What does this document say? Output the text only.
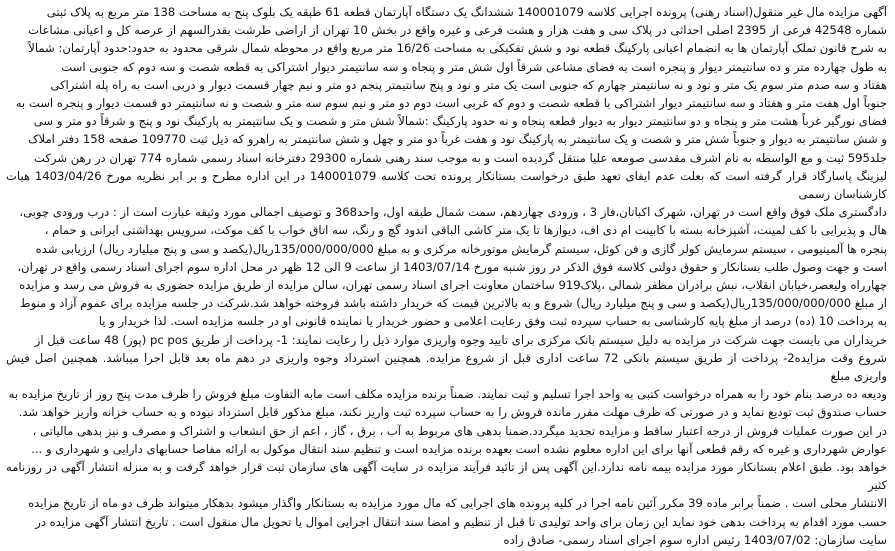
آگهی مزایده مال غیر منقول(اسناد رهنی) پرونده اجرایی کلاسه 140001079 ششدانگ یک دستگاه آپارتمان قطعه 61 طبقه یک بلوک پنج به مساحت 138 متر مربع به پلاک ثبتی

شماره 42548 فرعی از 2395 اصلی احداثی در پلاک سی و هفت هزار و هشت فرعی و غیره واقع در بخش 10 تهران از اراضی طرشت بقدرالسهم از عرصه کل و اعیانی مشاعات

به شرح قانون تملک آپارتمان ها به انضمام اعیانی پارکینگ قطعه نود و شش تفکیکی به مساحت 16/26 متر مربع واقع در محوطه شمال شرقی محدود به حدود:حدود آپارتمان: شمالاً

به طول چهارده متر و ده سانتیمتر دیوار و پنجره است به فضای مشاعی شرقاً اول شش متر و پنجاه و سه سانتیمتر دیوار اشتراکی به قطعه شصت و سه دوم که جنوبی است

هفتاد و سه صدم متر سوم یک متر و نود و نه سانتیمتر چهارم که جنوبی است یک متر و نود و پنج سانتیمتر پنجم دو متر و نیم چهار قسمت دیوار و دربی است به راه پله اشتراکی

جنوباً اول هفت متر و هفتاد و سه سانتیمتر دیوار اشتراکی با قطعه شصت و دوم که غربی است دوم دو متر و نیم سوم سه متر و شصت و نه سانتیمتر دو قسمت دیوار و پنجره است به

فضای نورگیر غرباً هشت متر و پنجاه و دو سانتیمتر دیوار به دیوار قطعه پنجاه و نه حدود پارکینگ :شمالاً شش متر و شصت و یک سانتیمتر به پارکینگ نود و پنج و شرقاً دو متر و سی

و شش سانتیمتر به دیوار و جنوباً شش متر و شصت و یک سانتیمتر به پارکینگ نود و هفت غرباً دو متر و چهل و شش سانتیمتر به راهرو که ذیل ثبت 109770 صفحه 158 دفتر املاک

جلد595 ثبت و مع الواسطه به نام اشرف مقدسی صومعه علیا منتقل گردیده است و به موجب سند رهنی شماره 29300 دفترخانه اسناد رسمی شماره 774 تهران در رهن شرکت

لیزینگ پاسارگاد قرار گرفته است که بعلت عدم ایفای تعهد طبق درخواست بستانکار پرونده تحت کلاسه 140001079 در این اداره مطرح و بر ابر نظریه مورخ 1403/04/26 هیات کارشناسان رسمی

دادگستری ملک فوق واقع است در تهران، شهرک اکباتان،فاز 3 ، ورودی چهاردهم، سمت شمال طبقه اول، واحد368 و توصیف اجمالی مورد وثیقه عبارت است از : درب ورودی چوبی،

هال و پذیرایی با کف لمینت، آشپزخانه بسته با کابینت ام دی اف، دیوارها تا یک متر کاشی الباقی اندود گچ و رنگ، سه اتاق خواب با کف موکت، سرویس بهداشتی ایرانی و حمام ،

پنجره ها آلمینیومی ، سیستم سرمایش کولر گازی و فن کوئل، سیستم گرمایش موتورخانه مرکزی و به مبلغ 135/000/000/000ریال(یکصد و سی و پنج میلیارد ریال) ارزیابی شده

است و جهت وصول طلب بستانکار و حقوق دولتی کلاسه فوق الذکر در روز شنبه مورخ 1403/07/14 از ساعت 9 الی 12 ظهر در محل اداره سوم اجرای اسناد رسمی واقع در تهران،

چهارراه ولیعصر،خیابان انقلاب، نبش برادران مظفر شمالی ،پلاک919 ساختمان معاونت اجرای اسناد رسمی تهران، سالن مزایده از طریق مزایده حضوری به فروش می رسد و مزایده

از مبلغ 135/000/000/000ریال(یکصد و سی و پنج میلیارد ریال) شروع و به بالاترین قیمت که خریدار داشته باشد فروخته خواهد شد.شرکت در جلسه مزایده برای عموم آزاد و منوط

به پرداخت 10 (ده) درصد از مبلغ پایه کارشناسی به حساب سپرده ثبت وفق رعایت اعلامی و حضور خریدار یا نماینده قانونی او در جلسه مزایده است. لذا خریدار و یا

خریداران می بایست جهت شرکت در مزایده به دلیل سیستم بانک مرکزی برای تایید وجوه واریزی موارد ذیل را رعایت نمایند: 1- پرداخت از طریق pc pos (پوز) 48 ساعت قبل از

شروع وقت مزایده2- پرداخت از طریق سیستم بانکی 72 ساعت اداری قبل از شروع مزایده. همچنین استرداد وجوه واریزی در دهم ماه بعد قابل اجرا میباشد. همچنین اصل فیش واریزی مبلغ

ودیعه ده درصد بنام خود را به همراه درخواست کتبی به واحد اجرا تسلیم و ثبت نمایند. ضمناً برنده مزایده مکلف است مابه التفاوت مبلغ فروش را ظرف مدت پنج روز از تاریخ مزایده به

حساب صندوق ثبت تودیع نماید و در صورتی که ظرف مهلت مقرر مانده فروش را به حساب سپرده ثبت واریز نکند، مبلغ مذکور قابل استرداد نبوده و به حساب خزانه واریز خواهد شد.

در این صورت عملیات فروش از درجه اعتبار ساقط و مزایده تجدید میگردد.ضمنا بدهی های مربوط به آب ، برق ، گاز ، اعم از حق انشعاب و اشتراک و مصرف و نیز بدهی مالیاتی ،

عوارض شهرداری و غیره که رقم قطعی آنها برای این اداره معلوم نشده است بعهده برنده مزایده است و تنظیم سند انتقال موکول به ارائه مفاصا حسابهای دارایی و شهرداری و ...

خواهد بود. طبق اعلام بستانکار مورد مزایده بیمه نامه ندارد.این آگهی پس از تائید فرآیند مزایده در سایت آگهی های سازمان ثبت قرار خواهد گرفت و به منزله انتشار آگهی در روزنامه کثیر

الانتشار محلی است . ضمناً برابر ماده 39 مکرر آئین نامه اجرا در کلیه پرونده های اجرایی که مال مورد مزایده به بستانکار واگذار میشود بدهکار میتواند ظرف دو ماه از تاریخ مزایده

حسب مورد اقدام به پرداخت بدهی خود نماید این زمان برای واحد تولیدی تا قبل از تنظیم و امضا سند انتقال اجرایی اموال یا تحویل مال منقول است . تاریخ انتشار آگهی مزایده در

سایت سازمان: 1403/07/02 رئیس اداره سوم اجرای اسناد رسمی- صادق زاده
